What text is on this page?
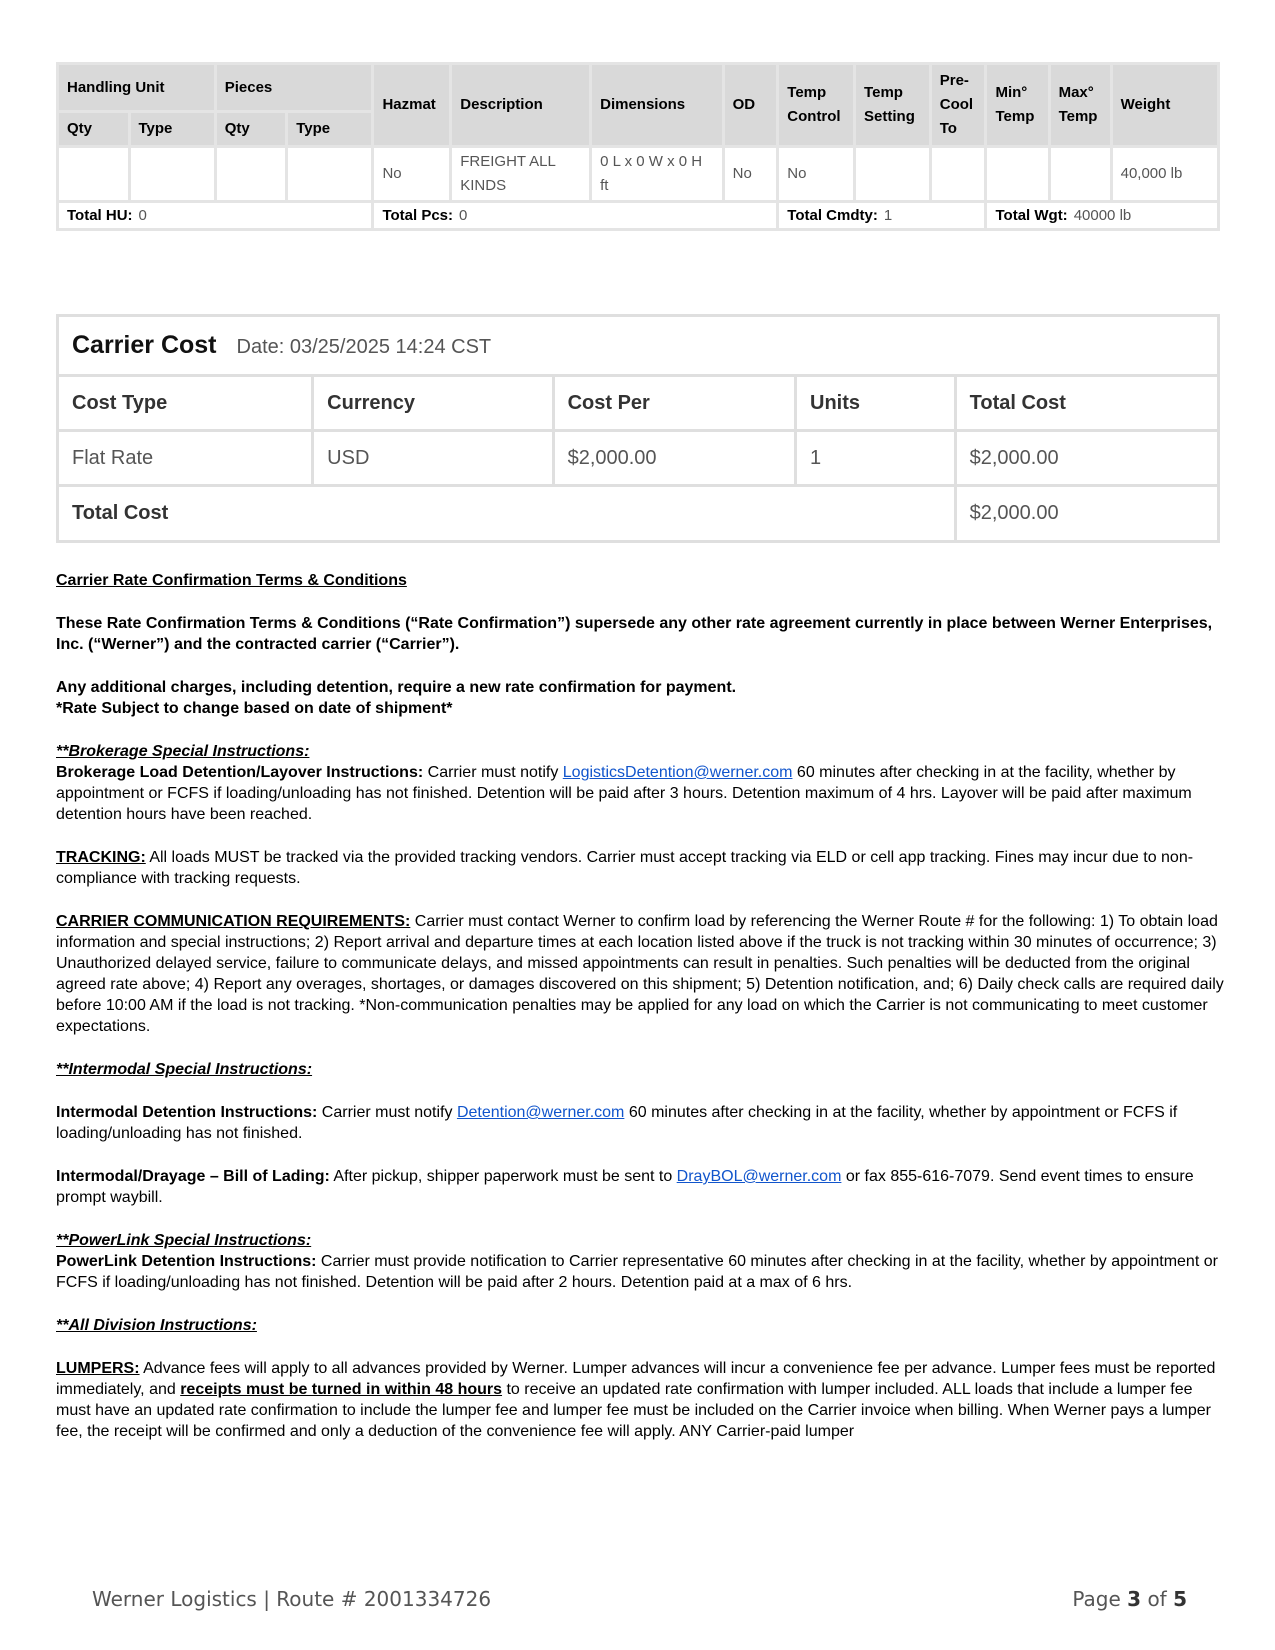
Handling Unit		Pieces		Hazmat	Description	Dimensions	OD	Temp Control	Temp Setting	Pre-Cool To	Min° Temp	Max° Temp	Weight
Qty	Type	Qty	Type										
				No	FREIGHT ALL KINDS	0 L x 0 W x 0 H ft	No	No					40,000 lb
Total HU: 0				Total Pcs: 0				Total Cmdty: 1			Total Wgt: 40000 lb		
Carrier Cost Date: 03/25/2025 14:24 CST				
Cost Type	Currency	Cost Per	Units	Total Cost
Flat Rate	USD	$2,000.00	1	$2,000.00
Total Cost				$2,000.00

Carrier Rate Confirmation Terms & Conditions

These Rate Confirmation Terms & Conditions (“Rate Confirmation”) supersede any other rate agreement currently in place between Werner Enterprises, Inc. (“Werner”) and the contracted carrier (“Carrier”).

Any additional charges, including detention, require a new rate confirmation for payment.

*Rate Subject to change based on date of shipment*

**Brokerage Special Instructions:

Brokerage Load Detention/Layover Instructions: Carrier must notify LogisticsDetention@werner.com 60 minutes after checking in at the facility, whether by appointment or FCFS if loading/unloading has not finished. Detention will be paid after 3 hours. Detention maximum of 4 hrs. Layover will be paid after maximum detention hours have been reached.

TRACKING: All loads MUST be tracked via the provided tracking vendors. Carrier must accept tracking via ELD or cell app tracking. Fines may incur due to non-compliance with tracking requests.

CARRIER COMMUNICATION REQUIREMENTS: Carrier must contact Werner to confirm load by referencing the Werner Route # for the following: 1) To obtain load information and special instructions; 2) Report arrival and departure times at each location listed above if the truck is not tracking within 30 minutes of occurrence; 3) Unauthorized delayed service, failure to communicate delays, and missed appointments can result in penalties. Such penalties will be deducted from the original agreed rate above; 4) Report any overages, shortages, or damages discovered on this shipment; 5) Detention notification, and; 6) Daily check calls are required daily before 10:00 AM if the load is not tracking. *Non-communication penalties may be applied for any load on which the Carrier is not communicating to meet customer expectations.

**Intermodal Special Instructions:

Intermodal Detention Instructions: Carrier must notify Detention@werner.com 60 minutes after checking in at the facility, whether by appointment or FCFS if loading/unloading has not finished.

Intermodal/Drayage – Bill of Lading: After pickup, shipper paperwork must be sent to DrayBOL@werner.com or fax 855-616-7079. Send event times to ensure prompt waybill.

**PowerLink Special Instructions:

PowerLink Detention Instructions: Carrier must provide notification to Carrier representative 60 minutes after checking in at the facility, whether by appointment or FCFS if loading/unloading has not finished. Detention will be paid after 2 hours. Detention paid at a max of 6 hrs.

**All Division Instructions:

LUMPERS: Advance fees will apply to all advances provided by Werner. Lumper advances will incur a convenience fee per advance. Lumper fees must be reported immediately, and receipts must be turned in within 48 hours to receive an updated rate confirmation with lumper included. ALL loads that include a lumper fee must have an updated rate confirmation to include the lumper fee and lumper fee must be included on the Carrier invoice when billing. When Werner pays a lumper fee, the receipt will be confirmed and only a deduction of the convenience fee will apply. ANY Carrier-paid lumper

Werner Logistics | Route # 2001334726	Page 3 of 5
